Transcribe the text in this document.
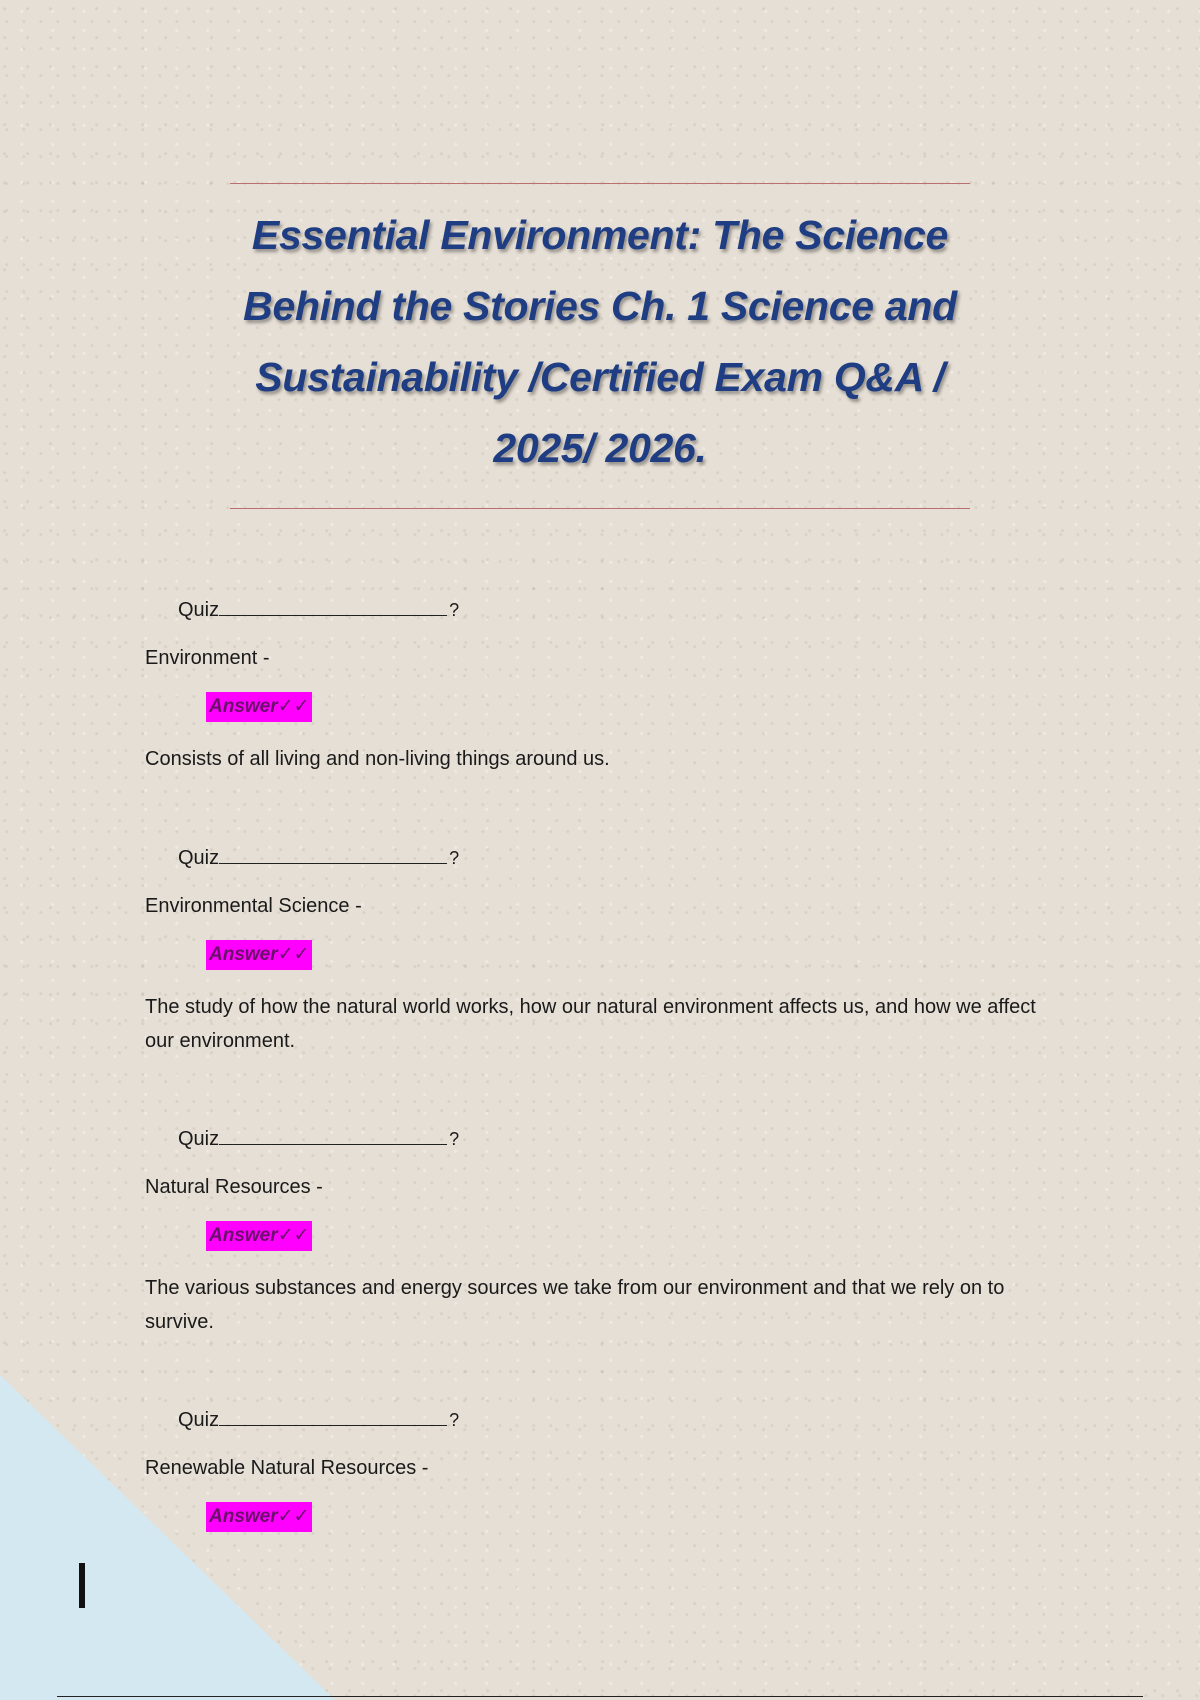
Essential Environment: The Science Behind the Stories Ch. 1 Science and Sustainability /Certified Exam Q&A / 2025/ 2026.
Quiz	?
Environment -
Answer✓✓
Consists of all living and non-living things around us.
Quiz	?
Environmental Science -
Answer✓✓
The study of how the natural world works, how our natural environment affects us, and how we affect our environment.
Quiz	?
Natural Resources -
Answer✓✓
The various substances and energy sources we take from our environment and that we rely on to survive.
Quiz	?
Renewable Natural Resources -
Answer✓✓
